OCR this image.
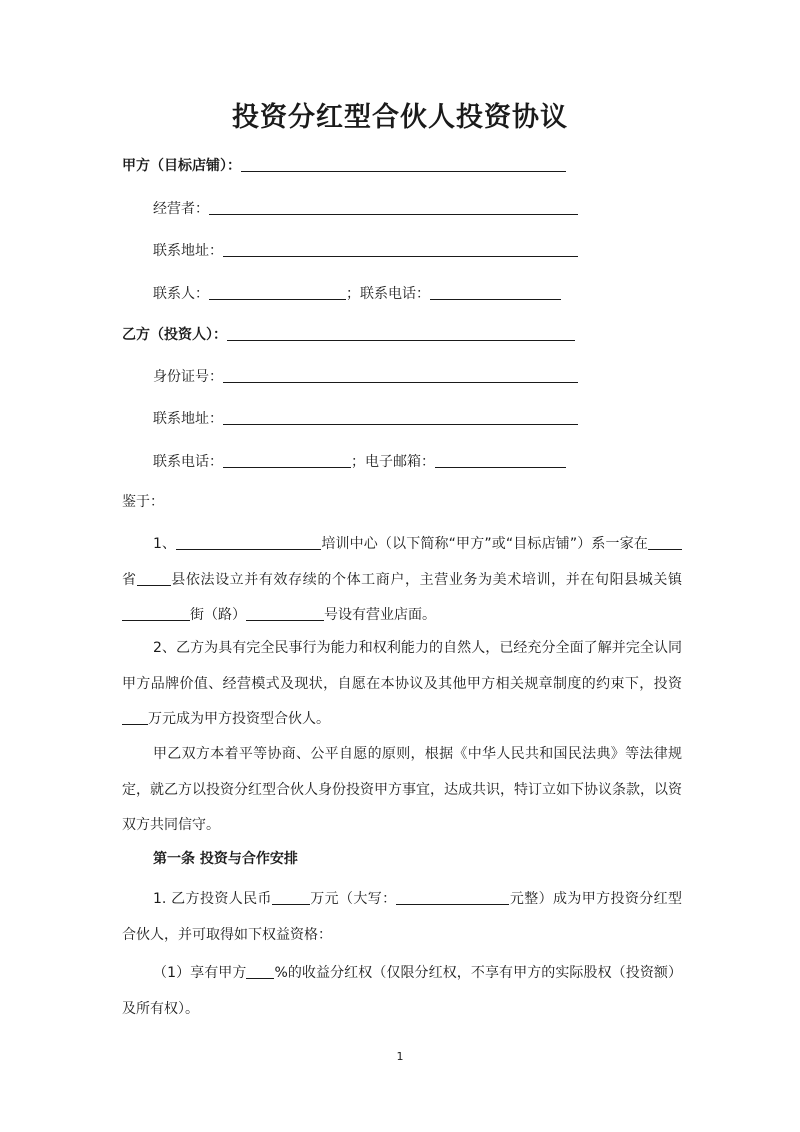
投资分红型合伙人投资协议
甲方（目标店铺）：
经营者：
联系地址：
联系人：	；联系电话：
乙方（投资人）：
身份证号：
联系地址：
联系电话：	；电子邮箱：
鉴于：

1、	培训中心（以下简称“甲方”或“目标店铺”）系一家在省 县依法设立并有效存续的个体工商户，主营业务为美术培训，并在旬阳县城关镇街（路）	号设有营业店面。

2、乙方为具有完全民事行为能力和权利能力的自然人，已经充分全面了解并完全认同甲方品牌价值、经营模式及现状，自愿在本协议及其他甲方相关规章制度的约束下，投资万元成为甲方投资型合伙人。

甲乙双方本着平等协商、公平自愿的原则，根据《中华人民共和国民法典》等法律规定，就乙方以投资分红型合伙人身份投资甲方事宜，达成共识，特订立如下协议条款，以资双方共同信守。

第一条 投资与合作安排

1. 乙方投资人民币	万元（大写：	元整）成为甲方投资分红型合伙人，并可取得如下权益资格：

（1）享有甲方 %的收益分红权（仅限分红权，不享有甲方的实际股权（投资额）及所有权）。

1
